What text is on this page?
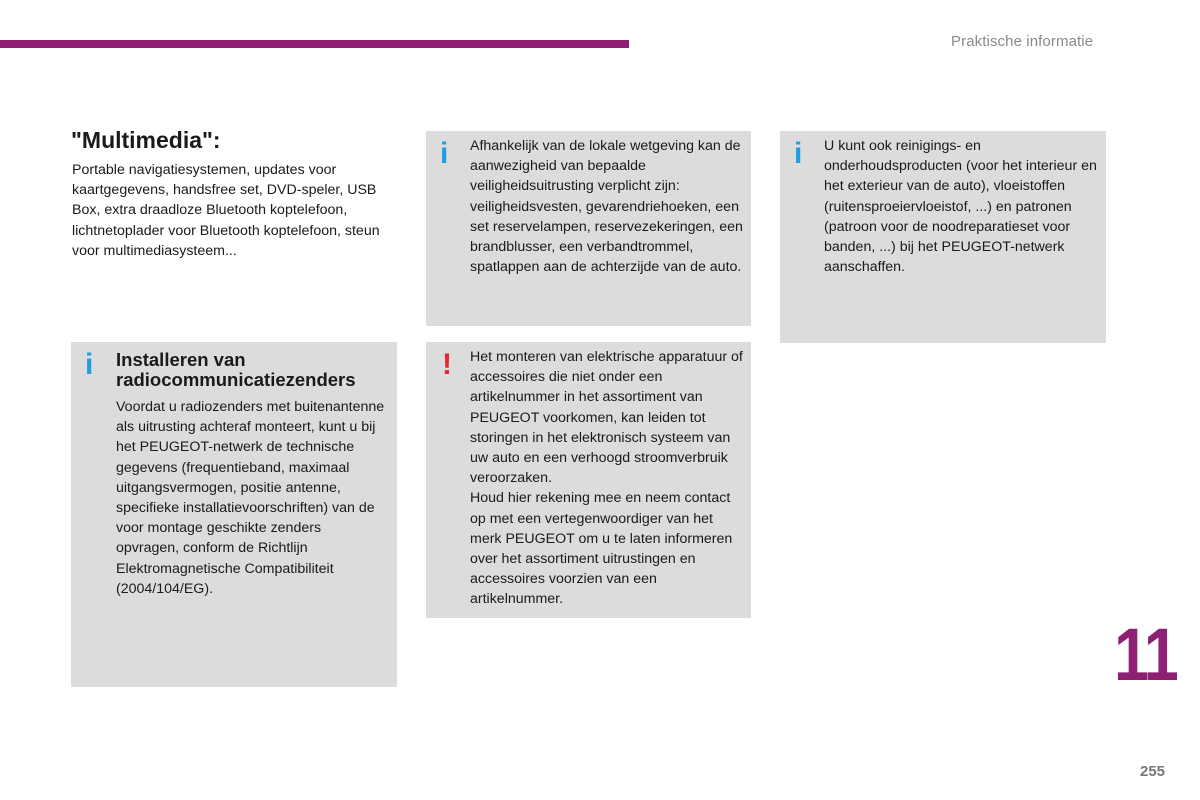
Praktische informatie
"Multimedia":
Portable navigatiesystemen, updates voor kaartgegevens, handsfree set, DVD-speler, USB Box, extra draadloze Bluetooth koptelefoon, lichtnetoplader voor Bluetooth koptelefoon, steun voor multimediasysteem...
i Afhankelijk van de lokale wetgeving kan de aanwezigheid van bepaalde veiligheidsuitrusting verplicht zijn: veiligheidsvesten, gevarendriehoeken, een set reservelampen, reservezekeringen, een brandblusser, een verbandtrommel, spatlappen aan de achterzijde van de auto.
i U kunt ook reinigings- en onderhoudsproducten (voor het interieur en het exterieur van de auto), vloeistoffen (ruitensproeiervloeistof, ...) en patronen (patroon voor de noodreparatieset voor banden, ...) bij het PEUGEOT-netwerk aanschaffen.
i Installeren van radiocommunicatiezenders
Voordat u radiozenders met buitenantenne als uitrusting achteraf monteert, kunt u bij het PEUGEOT-netwerk de technische gegevens (frequentieband, maximaal uitgangsvermogen, positie antenne, specifieke installatievoorschriften) van de voor montage geschikte zenders opvragen, conform de Richtlijn Elektromagnetische Compatibiliteit (2004/104/EG).
! Het monteren van elektrische apparatuur of accessoires die niet onder een artikelnummer in het assortiment van PEUGEOT voorkomen, kan leiden tot storingen in het elektronisch systeem van uw auto en een verhoogd stroomverbruik veroorzaken.
Houd hier rekening mee en neem contact op met een vertegenwoordiger van het merk PEUGEOT om u te laten informeren over het assortiment uitrustingen en accessoires voorzien van een artikelnummer.
11
255
